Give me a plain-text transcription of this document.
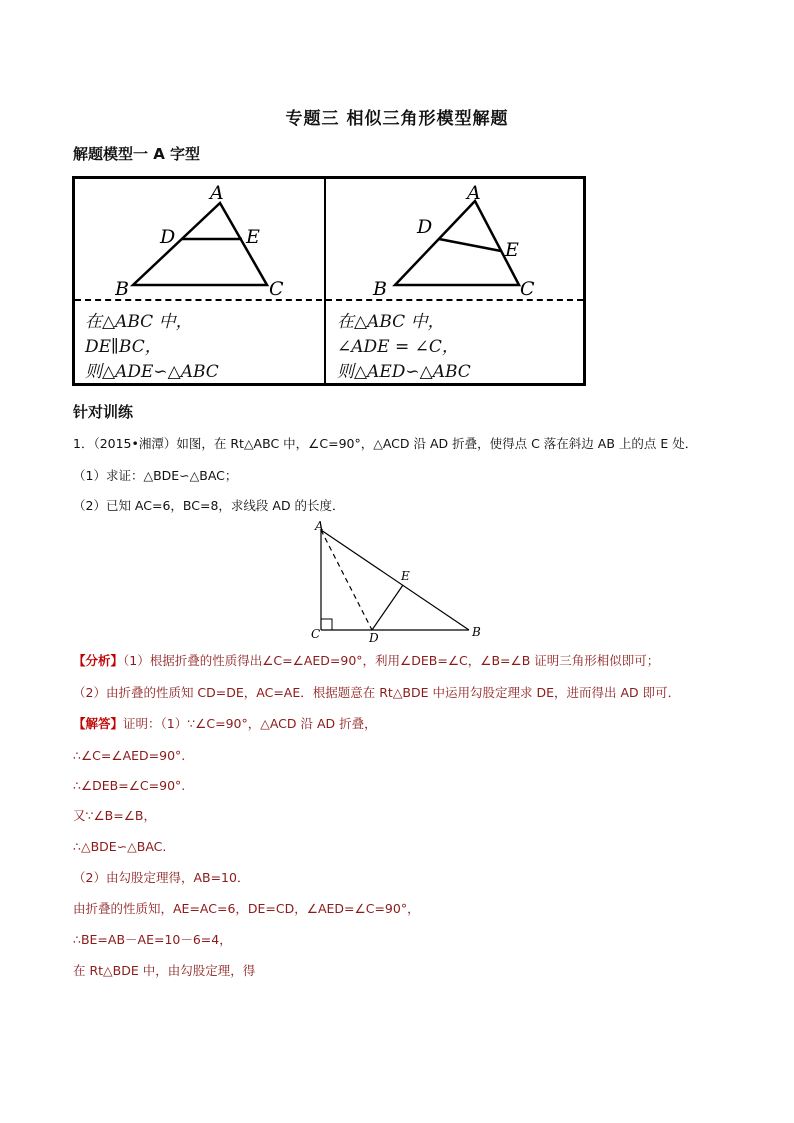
专题三 相似三角形模型解题
解题模型一 A 字型
A
D	E
B	C
A
D
E
B	C
在△ABC 中，
DE∥BC，
则△ADE∽△ABC
在△ABC 中，
∠ADE = ∠C，
则△AED∽△ABC
针对训练
1．（2015•湘潭）如图，在 Rt△ABC 中，∠C=90°，△ACD 沿 AD 折叠，使得点 C 落在斜边 AB 上的点 E 处．
（1）求证：△BDE∽△BAC；
（2）已知 AC=6，BC=8，求线段 AD 的长度．
A
E
C	D	B
【分析】（1）根据折叠的性质得出∠C=∠AED=90°，利用∠DEB=∠C，∠B=∠B 证明三角形相似即可；
（2）由折叠的性质知 CD=DE，AC=AE．根据题意在 Rt△BDE 中运用勾股定理求 DE，进而得出 AD 即可．
【解答】证明：（1）∵∠C=90°，△ACD 沿 AD 折叠，
∴∠C=∠AED=90°.
∴∠DEB=∠C=90°.
又∵∠B=∠B，
∴△BDE∽△BAC.
（2）由勾股定理得，AB=10．
由折叠的性质知，AE=AC=6，DE=CD，∠AED=∠C=90°，
∴BE=AB－AE=10－6=4，
在 Rt△BDE 中，由勾股定理，得
